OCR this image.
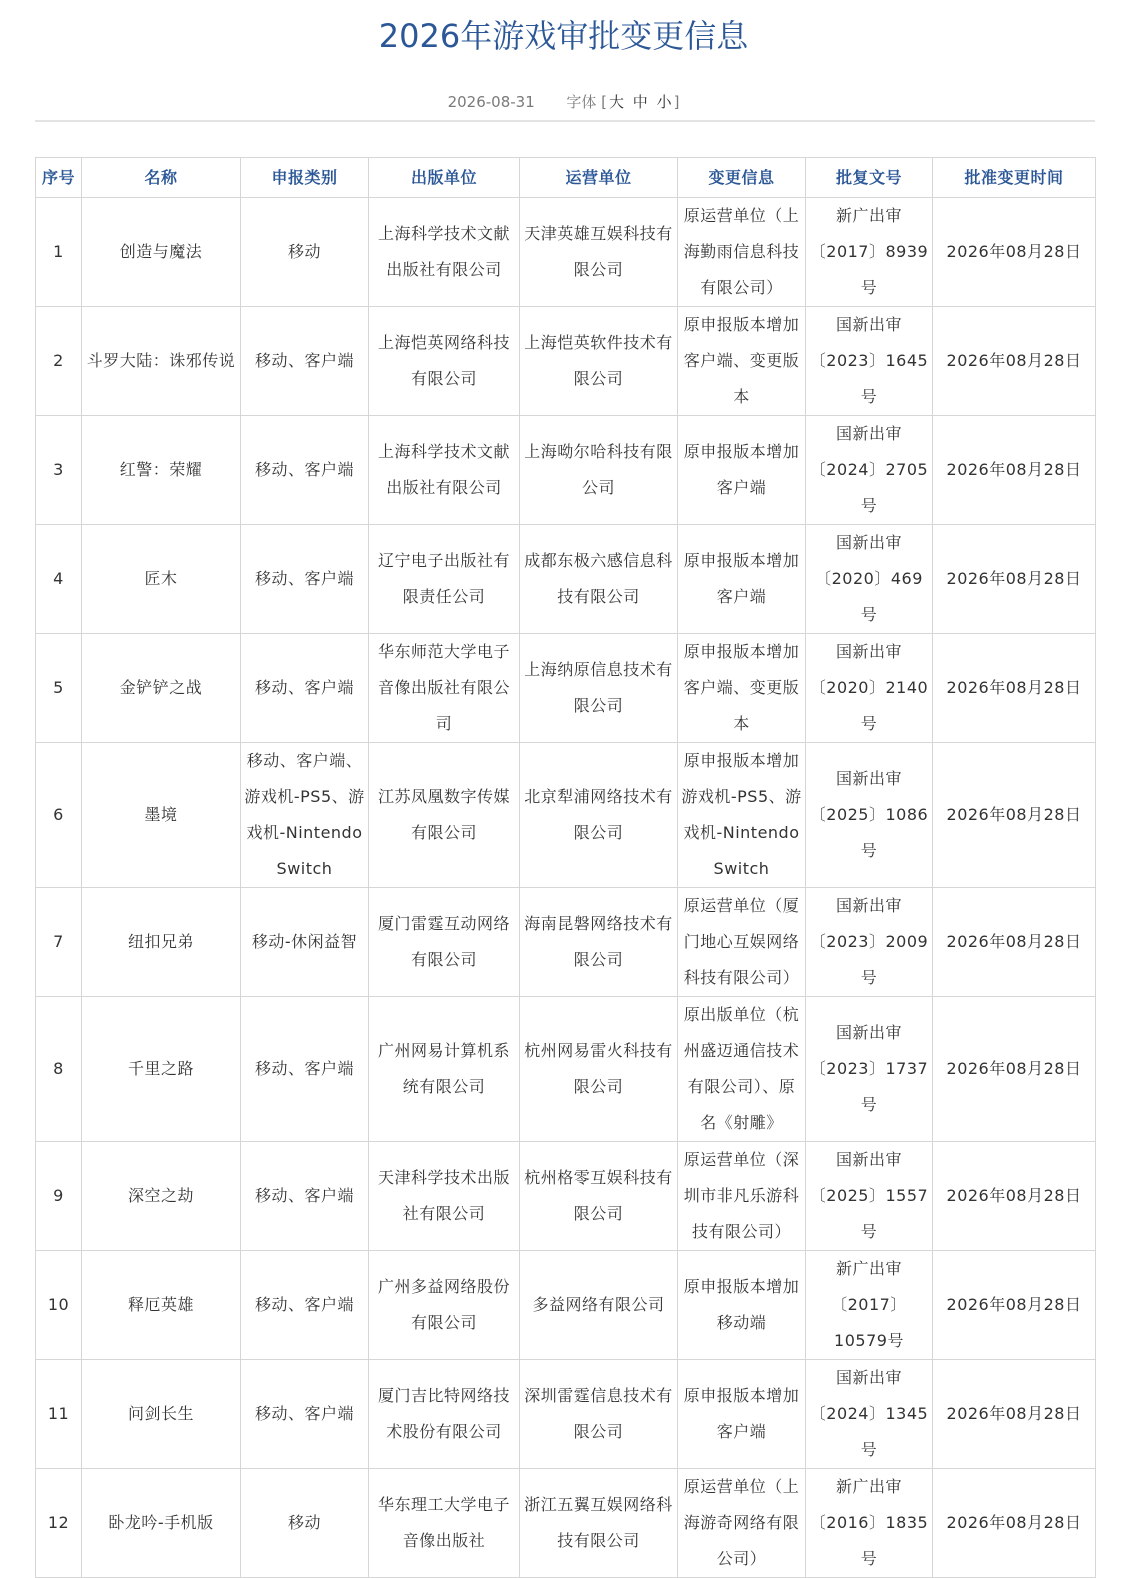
2026年游戏审批变更信息
2026-08-31 字体 [ 大 中 小 ]
序号	名称	申报类别	出版单位	运营单位	变更信息	批复文号	批准变更时间
1	创造与魔法	移动	上海科学技术文献出版社有限公司	天津英雄互娱科技有限公司	原运营单位（上海勤雨信息科技有限公司）	新广出审〔2017〕8939号	2026年08月28日
2	斗罗大陆：诛邪传说	移动、客户端	上海恺英网络科技有限公司	上海恺英软件技术有限公司	原申报版本增加客户端、变更版本	国新出审〔2023〕1645号	2026年08月28日
3	红警：荣耀	移动、客户端	上海科学技术文献出版社有限公司	上海呦尔哈科技有限公司	原申报版本增加客户端	国新出审〔2024〕2705号	2026年08月28日
4	匠木	移动、客户端	辽宁电子出版社有限责任公司	成都东极六感信息科技有限公司	原申报版本增加客户端	国新出审〔2020〕469号	2026年08月28日
5	金铲铲之战	移动、客户端	华东师范大学电子音像出版社有限公司	上海纳原信息技术有限公司	原申报版本增加客户端、变更版本	国新出审〔2020〕2140号	2026年08月28日
6	墨境	移动、客户端、游戏机-PS5、游戏机-Nintendo Switch	江苏凤凰数字传媒有限公司	北京犁浦网络技术有限公司	原申报版本增加游戏机-PS5、游戏机-Nintendo Switch	国新出审〔2025〕1086号	2026年08月28日
7	纽扣兄弟	移动-休闲益智	厦门雷霆互动网络有限公司	海南昆磐网络技术有限公司	原运营单位（厦门地心互娱网络科技有限公司）	国新出审〔2023〕2009号	2026年08月28日
8	千里之路	移动、客户端	广州网易计算机系统有限公司	杭州网易雷火科技有限公司	原出版单位（杭州盛迈通信技术有限公司）、原名《射雕》	国新出审〔2023〕1737号	2026年08月28日
9	深空之劫	移动、客户端	天津科学技术出版社有限公司	杭州格零互娱科技有限公司	原运营单位（深圳市非凡乐游科技有限公司）	国新出审〔2025〕1557号	2026年08月28日
10	释厄英雄	移动、客户端	广州多益网络股份有限公司	多益网络有限公司	原申报版本增加移动端	新广出审〔2017〕10579号	2026年08月28日
11	问剑长生	移动、客户端	厦门吉比特网络技术股份有限公司	深圳雷霆信息技术有限公司	原申报版本增加客户端	国新出审〔2024〕1345号	2026年08月28日
12	卧龙吟-手机版	移动	华东理工大学电子音像出版社	浙江五翼互娱网络科技有限公司	原运营单位（上海游奇网络有限公司）	新广出审〔2016〕1835号	2026年08月28日
